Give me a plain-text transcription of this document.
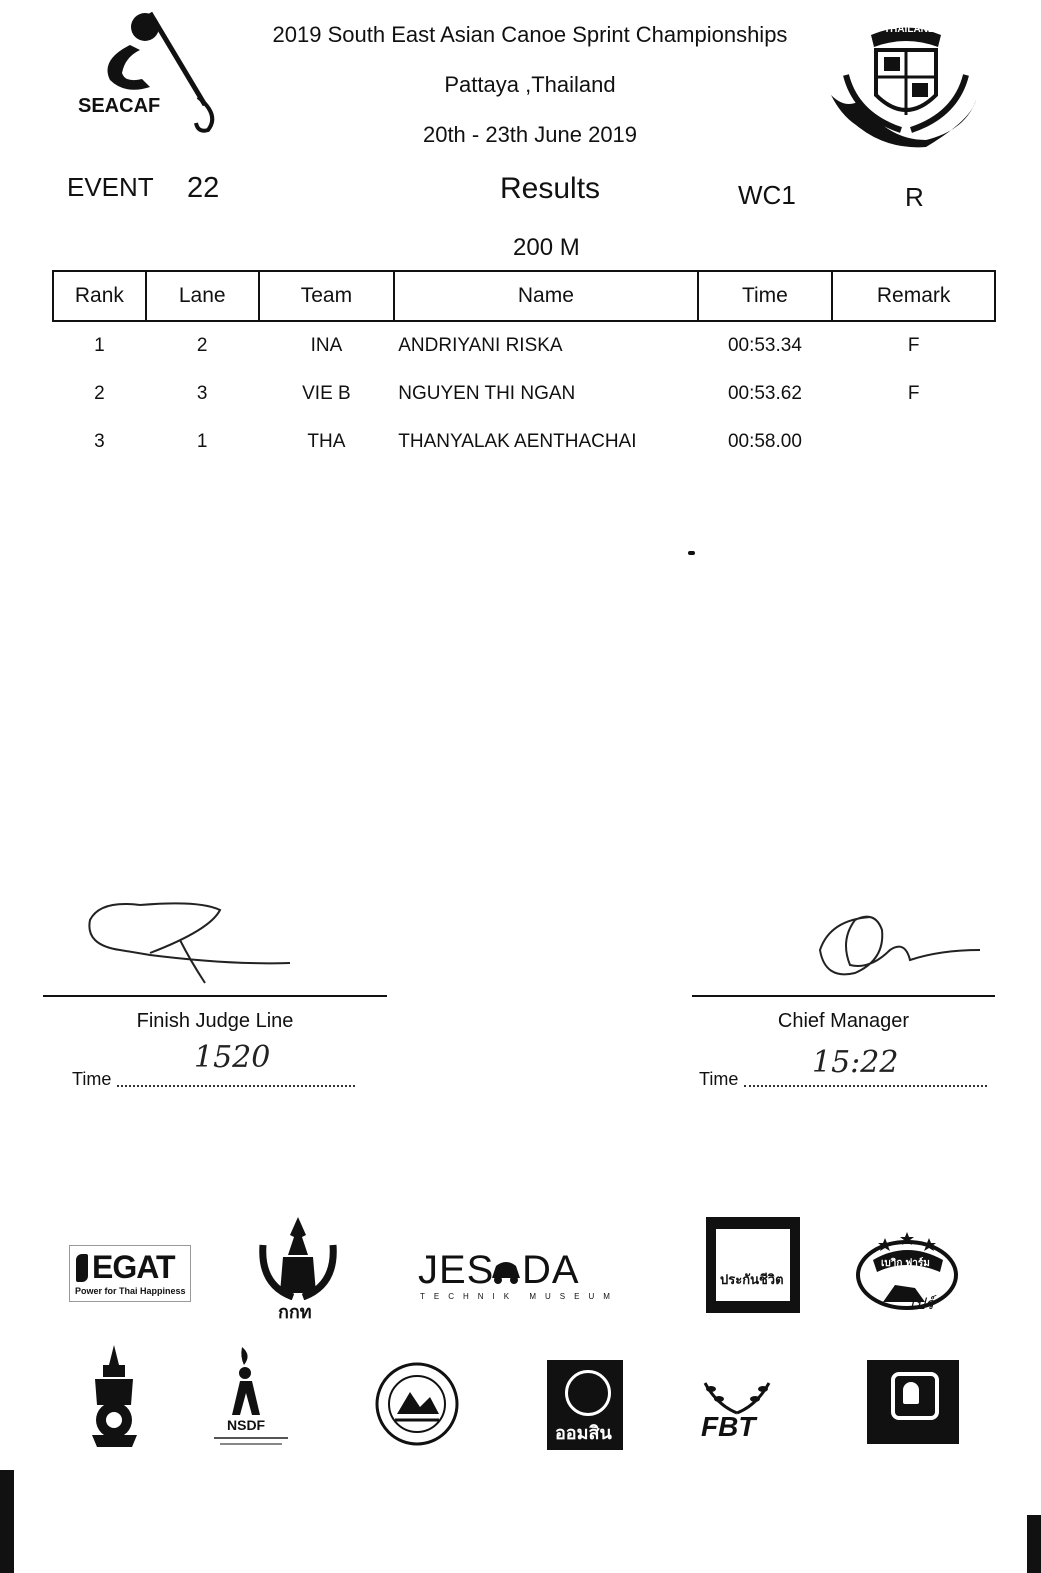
SEACAF
2019 South East Asian Canoe Sprint Championships
Pattaya ,Thailand
20th - 23th June 2019
THAILAND
EVENT 22	Results	WC1	R
200 M
Rank	Lane	Team	Name	Time	Remark
1	2	INA	ANDRIYANI RISKA	00:53.34	F
2	3	VIE B	NGUYEN THI NGAN	00:53.62	F
3	1	THA	THANYALAK AENTHACHAI	00:58.00	
Finish Judge Line
Time
1520
Chief Manager
Time 15:22
EGAT
Power for Thai Happiness
กกท
JES DA
TECHNIK MUSEUM
ประกันชีวิต
เบาิก ฟาร์ม
ไปร์
NSDF	ออมสิน	FBT
